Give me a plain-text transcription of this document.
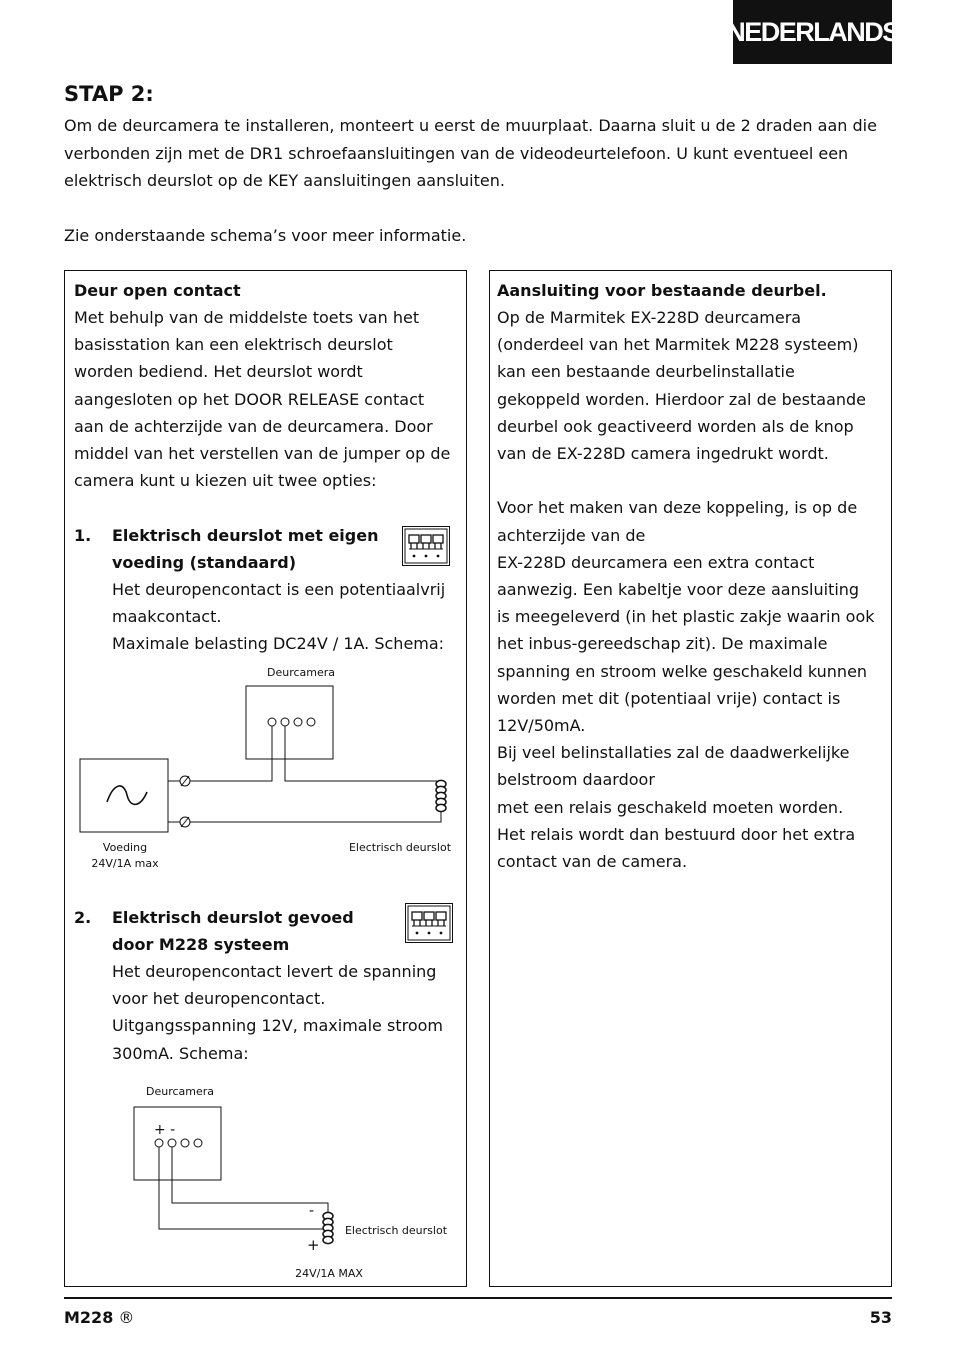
NEDERLANDS
STAP 2:

Om de deurcamera te installeren, monteert u eerst de muurplaat. Daarna sluit u de 2 draden aan die verbonden zijn met de DR1 schroefaansluitingen van de videodeurtelefoon. U kunt eventueel een elektrisch deurslot op de KEY aansluitingen aansluiten.

Zie onderstaande schema’s voor meer informatie.

Deur open contact
Met behulp van de middelste toets van het
basisstation kan een elektrisch deurslot
worden bediend. Het deurslot wordt
aangesloten op het DOOR RELEASE contact
aan de achterzijde van de deurcamera. Door
middel van het verstellen van de jumper op de
camera kunt u kiezen uit twee opties:
1. Elektrisch deurslot met eigen
voeding (standaard)
Het deuropencontact is een potentiaalvrij
maakcontact.
Maximale belasting DC24V / 1A. Schema:
Deurcamera
Voeding
24V/1A max
Electrisch deurslot
2. Elektrisch deurslot gevoed
door M228 systeem
Het deuropencontact levert de spanning
voor het deuropencontact.
Uitgangsspanning 12V, maximale stroom
300mA. Schema:
Deurcamera
+ -
-
+
Electrisch deurslot
24V/1A MAX
Aansluiting voor bestaande deurbel.
Op de Marmitek EX-228D deurcamera
(onderdeel van het Marmitek M228 systeem)
kan een bestaande deurbelinstallatie
gekoppeld worden. Hierdoor zal de bestaande
deurbel ook geactiveerd worden als de knop
van de EX-228D camera ingedrukt wordt.
Voor het maken van deze koppeling, is op de
achterzijde van de
EX-228D deurcamera een extra contact
aanwezig. Een kabeltje voor deze aansluiting
is meegeleverd (in het plastic zakje waarin ook
het inbus-gereedschap zit). De maximale
spanning en stroom welke geschakeld kunnen
worden met dit (potentiaal vrije) contact is
12V/50mA.
Bij veel belinstallaties zal de daadwerkelijke
belstroom daardoor
met een relais geschakeld moeten worden.
Het relais wordt dan bestuurd door het extra
contact van de camera.
M228 ®	53
